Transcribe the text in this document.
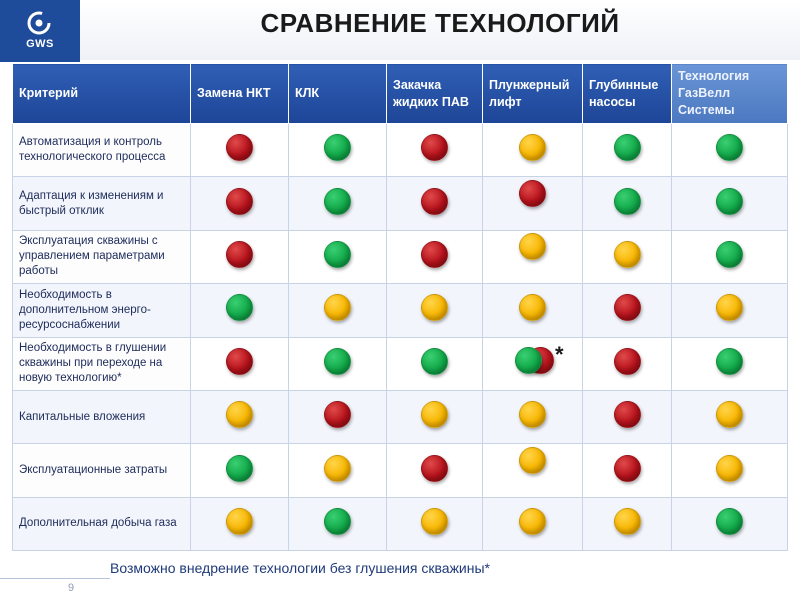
GWS
СРАВНЕНИЕ ТЕХНОЛОГИЙ
Критерий	Замена НКТ	КЛК	Закачка жидких ПАВ	Плунжерный лифт	Глубинные насосы	Технология ГазВелл Системы
Автоматизация и контроль технологического процесса						
Адаптация к изменениям и быстрый отклик						
Эксплуатация скважины с управлением параметрами работы						
Необходимость в дополнительном энерго-ресурсоснабжении						
Необходимость в глушении скважины при переходе на новую технологию*				*		

Капитальные вложения						
Эксплуатационные затраты						
Дополнительная добыча газа						
Возможно внедрение технологии без глушения скважины*
9
